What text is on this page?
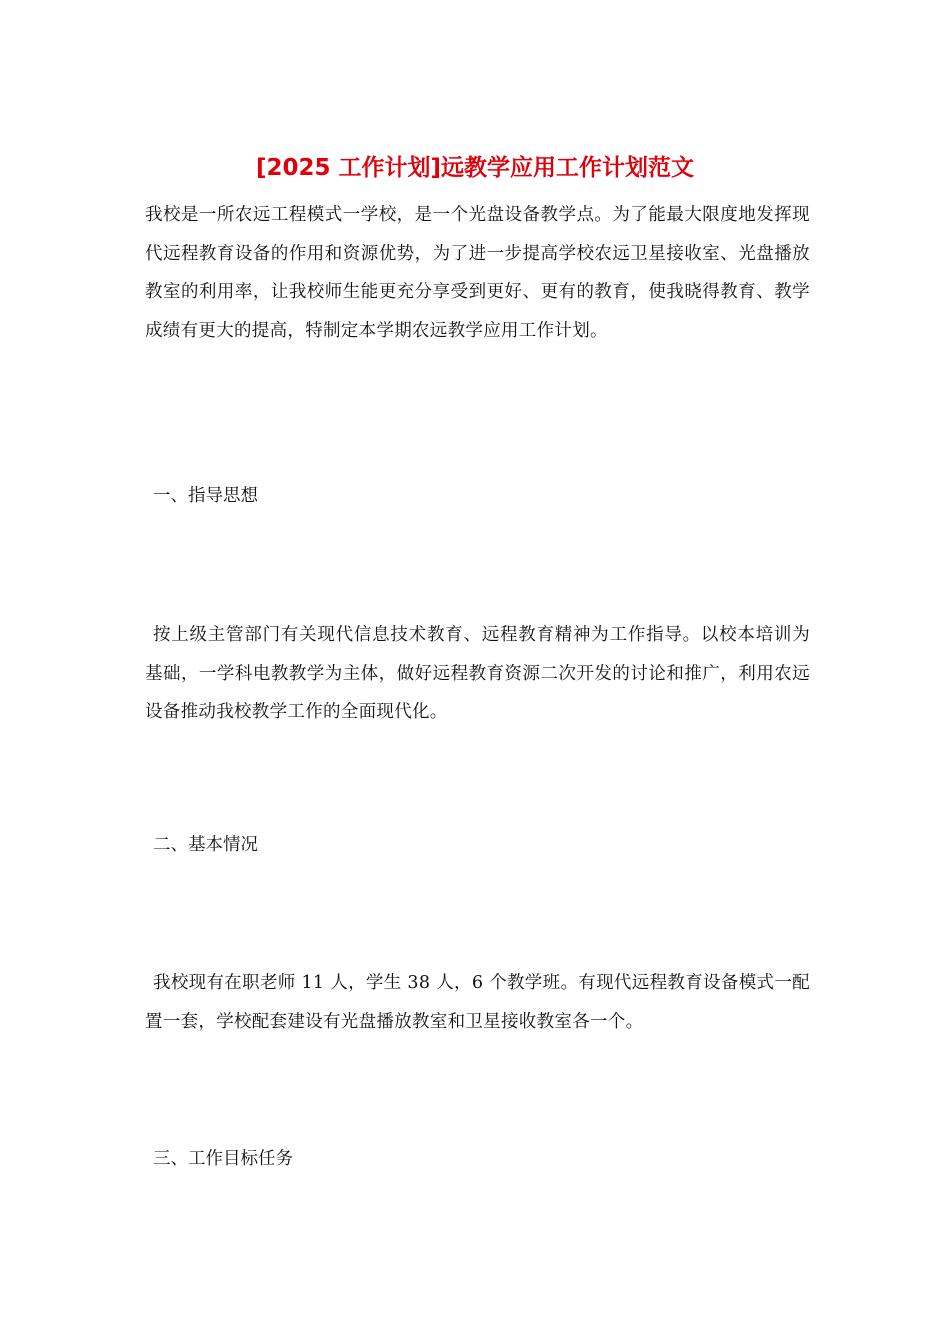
[2025 工作计划]远教学应用工作计划范文

我校是一所农远工程模式一学校，是一个光盘设备教学点。为了能最大限度地发挥现代远程教育设备的作用和资源优势，为了进一步提高学校农远卫星接收室、光盘播放教室的利用率，让我校师生能更充分享受到更好、更有的教育，使我晓得教育、教学成绩有更大的提高，特制定本学期农远教学应用工作计划。

一、指导思想

按上级主管部门有关现代信息技术教育、远程教育精神为工作指导。以校本培训为基础，一学科电教教学为主体，做好远程教育资源二次开发的讨论和推广，利用农远设备推动我校教学工作的全面现代化。

二、基本情况

我校现有在职老师 11 人，学生 38 人，6 个教学班。有现代远程教育设备模式一配置一套，学校配套建设有光盘播放教室和卫星接收教室各一个。

三、工作目标任务
